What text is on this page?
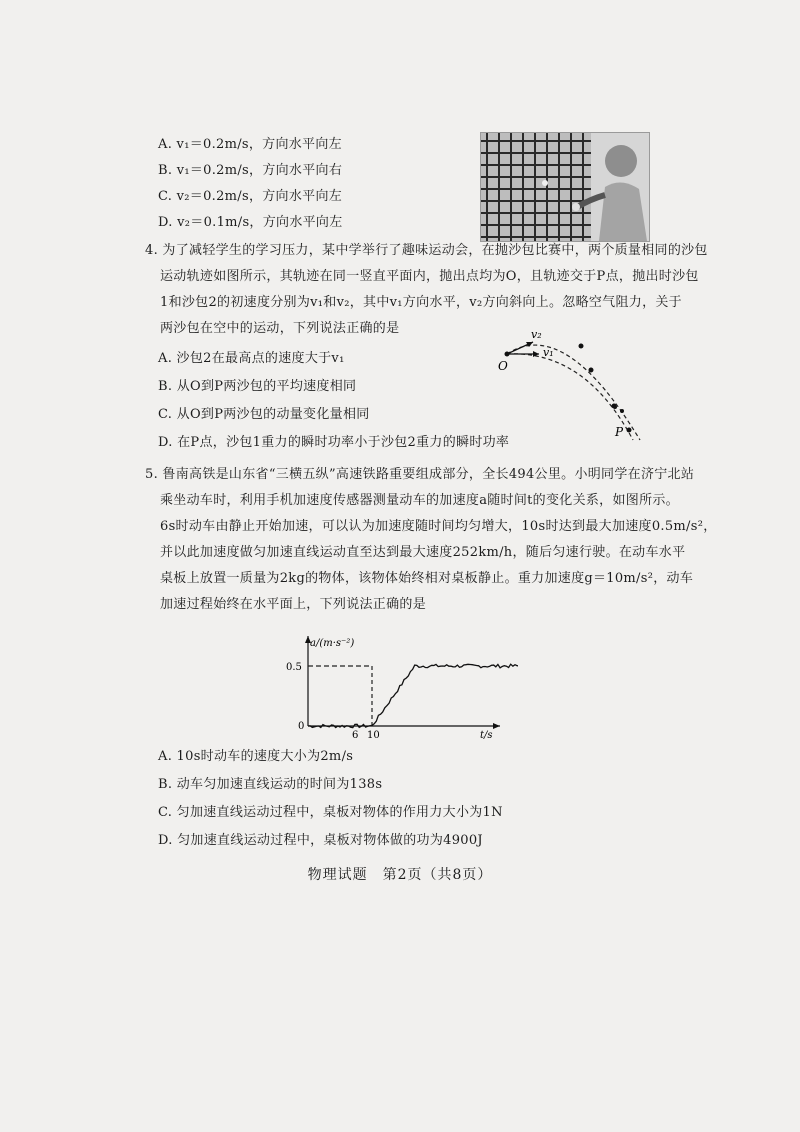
A. v₁＝0.2m/s，方向水平向左
B. v₁＝0.2m/s，方向水平向右
C. v₂＝0.2m/s，方向水平向左
D. v₂＝0.1m/s，方向水平向左
4. 为了减轻学生的学习压力，某中学举行了趣味运动会，在抛沙包比赛中，两个质量相同的沙包
运动轨迹如图所示，其轨迹在同一竖直平面内，抛出点均为O，且轨迹交于P点，抛出时沙包
1和沙包2的初速度分别为v₁和v₂，其中v₁方向水平，v₂方向斜向上。忽略空气阻力，关于
两沙包在空中的运动，下列说法正确的是
A. 沙包2在最高点的速度大于v₁
B. 从O到P两沙包的平均速度相同
C. 从O到P两沙包的动量变化量相同
D. 在P点，沙包1重力的瞬时功率小于沙包2重力的瞬时功率
v₂
v₁
O
P
5. 鲁南高铁是山东省“三横五纵”高速铁路重要组成部分，全长494公里。小明同学在济宁北站
乘坐动车时，利用手机加速度传感器测量动车的加速度a随时间t的变化关系，如图所示。
6s时动车由静止开始加速，可以认为加速度随时间均匀增大，10s时达到最大加速度0.5m/s²，
并以此加速度做匀加速直线运动直至达到最大速度252km/h，随后匀速行驶。在动车水平
桌板上放置一质量为2kg的物体，该物体始终相对桌板静止。重力加速度g＝10m/s²，动车
加速过程始终在水平面上，下列说法正确的是
a/(m·s⁻²)
t/s
0.5
0
6 10
A. 10s时动车的速度大小为2m/s
B. 动车匀加速直线运动的时间为138s
C. 匀加速直线运动过程中，桌板对物体的作用力大小为1N
D. 匀加速直线运动过程中，桌板对物体做的功为4900J
物理试题　第2页（共8页）
